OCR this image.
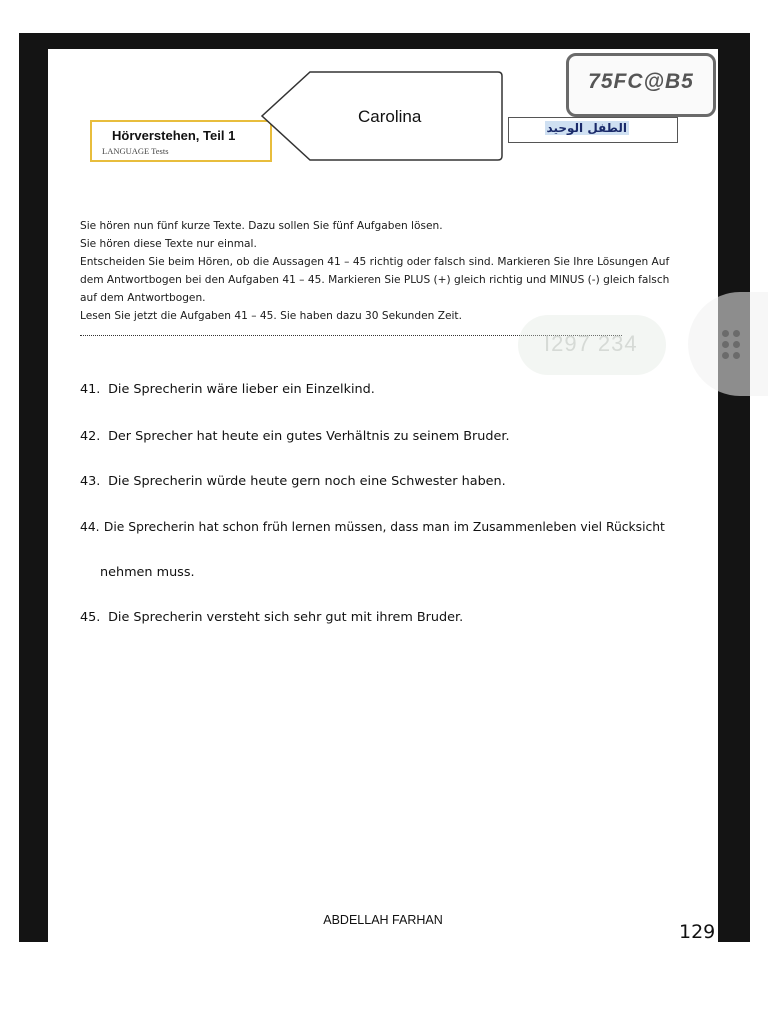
Hörverstehen, Teil 1
LANGUAGE Tests
Carolina
75FC@B5
الطفل الوحيد

Sie hören nun fünf kurze Texte. Dazu sollen Sie fünf Aufgaben lösen.

Sie hören diese Texte nur einmal.

Entscheiden Sie beim Hören, ob die Aussagen 41 – 45 richtig oder falsch sind. Markieren Sie Ihre Lösungen Auf dem Antwortbogen bei den Aufgaben 41 – 45. Markieren Sie PLUS (+) gleich richtig und MINUS (-) gleich falsch auf dem Antwortbogen.

Lesen Sie jetzt die Aufgaben 41 – 45. Sie haben dazu 30 Sekunden Zeit.

41. Die Sprecherin wäre lieber ein Einzelkind.
42. Der Sprecher hat heute ein gutes Verhältnis zu seinem Bruder.
43. Die Sprecherin würde heute gern noch eine Schwester haben.
44. Die Sprecherin hat schon früh lernen müssen, dass man im Zusammenleben viel Rücksicht
nehmen muss.
45. Die Sprecherin versteht sich sehr gut mit ihrem Bruder.
ABDELLAH FARHAN
I297 234
129
